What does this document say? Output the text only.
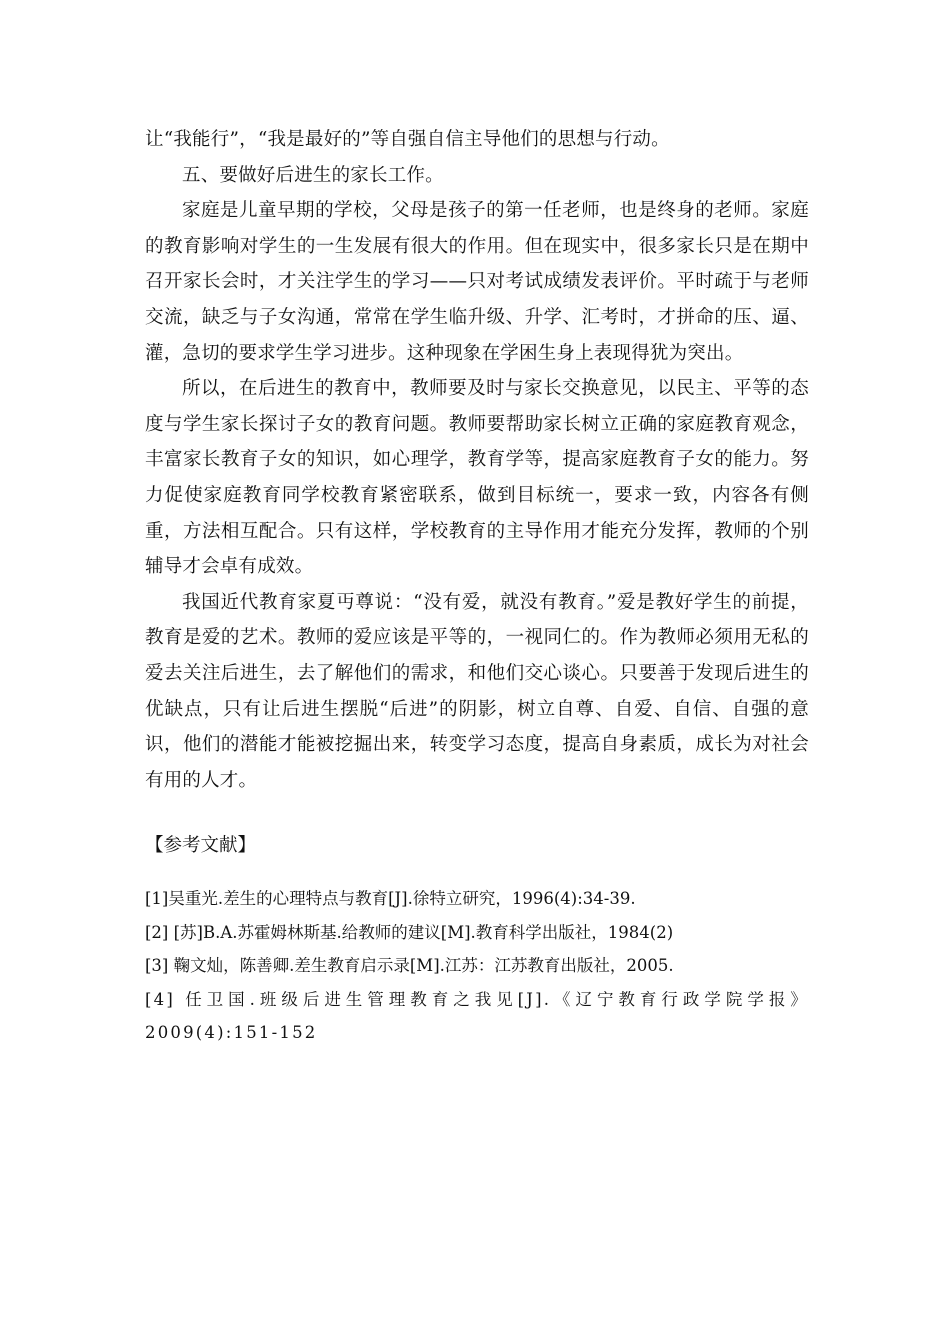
让“我能行”，“我是最好的”等自强自信主导他们的思想与行动。

五、要做好后进生的家长工作。

家庭是儿童早期的学校，父母是孩子的第一任老师，也是终身的老师。家庭的教育影响对学生的一生发展有很大的作用。但在现实中，很多家长只是在期中召开家长会时，才关注学生的学习——只对考试成绩发表评价。平时疏于与老师交流，缺乏与子女沟通，常常在学生临升级、升学、汇考时，才拼命的压、逼、灌，急切的要求学生学习进步。这种现象在学困生身上表现得犹为突出。

所以，在后进生的教育中，教师要及时与家长交换意见，以民主、平等的态度与学生家长探讨子女的教育问题。教师要帮助家长树立正确的家庭教育观念，丰富家长教育子女的知识，如心理学，教育学等，提高家庭教育子女的能力。努力促使家庭教育同学校教育紧密联系，做到目标统一，要求一致，内容各有侧重，方法相互配合。只有这样，学校教育的主导作用才能充分发挥，教师的个别辅导才会卓有成效。

我国近代教育家夏丏尊说：“没有爱，就没有教育。”爱是教好学生的前提，教育是爱的艺术。教师的爱应该是平等的，一视同仁的。作为教师必须用无私的爱去关注后进生，去了解他们的需求，和他们交心谈心。只要善于发现后进生的优缺点，只有让后进生摆脱“后进”的阴影，树立自尊、自爱、自信、自强的意识，他们的潜能才能被挖掘出来，转变学习态度，提高自身素质，成长为对社会有用的人才。

【参考文献】

[1]吴重光.差生的心理特点与教育[J].徐特立研究，1996(4):34-39.

[2] [苏]B.A.苏霍姆林斯基.给教师的建议[M].教育科学出版社，1984(2)

[3] 鞠文灿，陈善卿.差生教育启示录[M].江苏：江苏教育出版社，2005.

[4] 任卫国.班级后进生管理教育之我见[J].《辽宁教育行政学院学报》2009(4):151-152
